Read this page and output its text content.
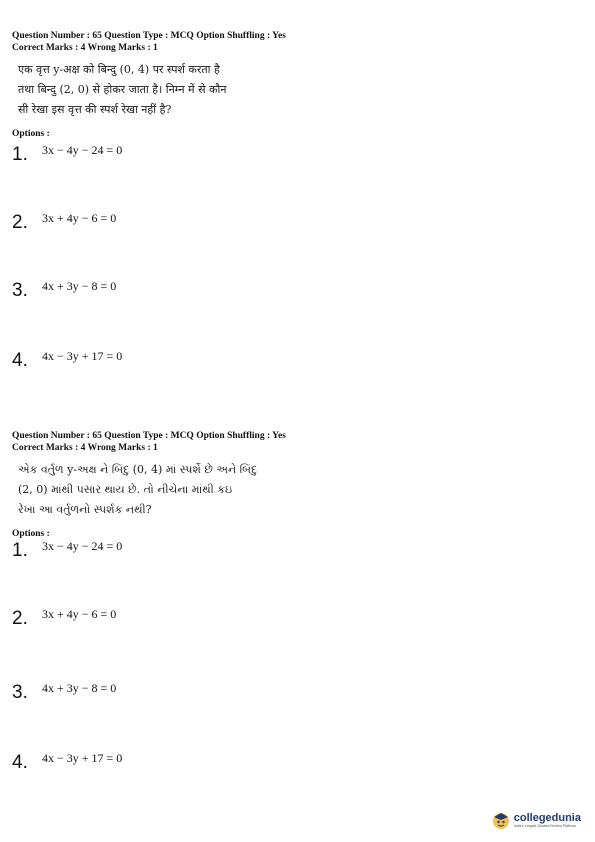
Question Number : 65 Question Type : MCQ Option Shuffling : Yes

Correct Marks : 4 Wrong Marks : 1

एक वृत्त y-अक्ष को बिन्दु (0, 4) पर स्पर्श करता है
तथा बिन्दु (2, 0) से होकर जाता है। निम्न में से कौन
सी रेखा इस वृत्त की स्पर्श रेखा नहीं है?
Options :
1.	3x − 4y − 24 = 0
2.	3x + 4y − 6 = 0
3.	4x + 3y − 8 = 0
4.	4x − 3y + 17 = 0

Question Number : 65 Question Type : MCQ Option Shuffling : Yes

Correct Marks : 4 Wrong Marks : 1

એક વર્તુળ y-અક્ષ ને બિંદુ (0, 4) માં સ્પર્શે છે અને બિંદુ
(2, 0) માંથી પસાર થાય છે. તો નીચેના માંથી કઇ
રેખા આ વર્તુળનો સ્પર્શક નથી?
Options :
1.	3x − 4y − 24 = 0
2.	3x + 4y − 6 = 0
3.	4x + 3y − 8 = 0
4.	4x − 3y + 17 = 0
collegedunia
India's Largest Student Review Platform
